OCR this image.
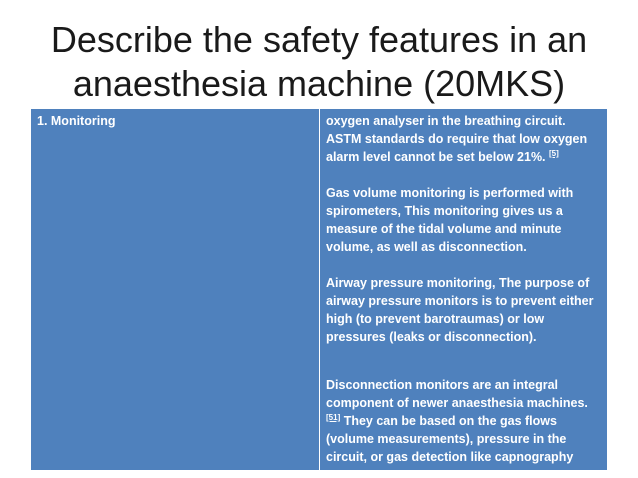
Describe the safety features in an
anaesthesia machine (20MKS)
1. Monitoring	oxygen analyser in the breathing circuit. ASTM standards do require that low oxygen alarm level cannot be set below 21%. [5]

Gas volume monitoring is performed with spirometers, This monitoring gives us a measure of the tidal volume and minute volume, as well as disconnection.

Airway pressure monitoring, The purpose of airway pressure monitors is to prevent either high (to prevent barotraumas) or low pressures (leaks or disconnection).

Disconnection monitors are an integral component of newer anaesthesia machines. [51] They can be based on the gas flows (volume measurements), pressure in the circuit, or gas detection like capnography
